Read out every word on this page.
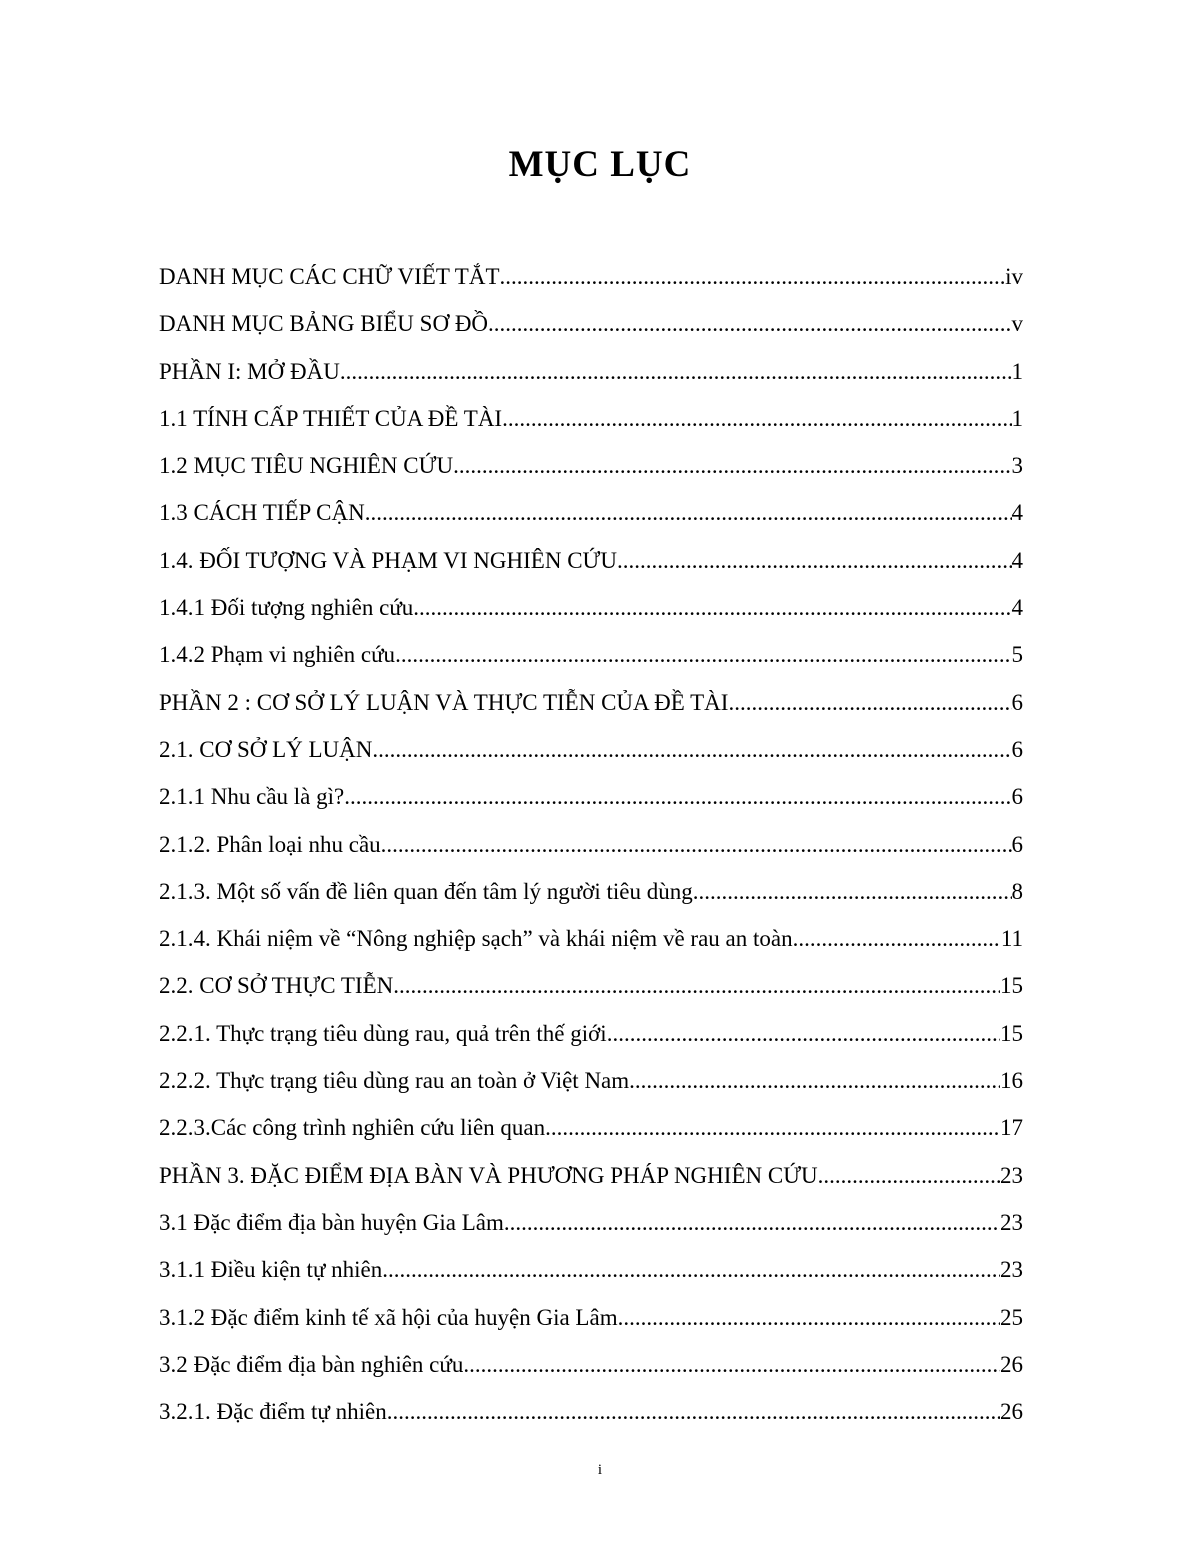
MỤC LỤC
DANH MỤC CÁC CHỮ VIẾT TẮT .....	iv
DANH MỤC BẢNG BIỂU SƠ ĐỒ .....	v
PHẦN I: MỞ ĐẦU .....	1
1.1 TÍNH CẤP THIẾT CỦA ĐỀ TÀI .....	1
1.2 MỤC TIÊU NGHIÊN CỨU .....	3
1.3 CÁCH TIẾP CẬN .....	4
1.4. ĐỐI TƯỢNG VÀ PHẠM VI NGHIÊN CỨU .....	4
1.4.1 Đối tượng nghiên cứu .....	4
1.4.2 Phạm vi nghiên cứu .....	5
PHẦN 2 : CƠ SỞ LÝ LUẬN VÀ THỰC TIỄN CỦA ĐỀ TÀI .....	6
2.1. CƠ SỞ LÝ LUẬN .....	6
2.1.1 Nhu cầu là gì? .....	6
2.1.2. Phân loại nhu cầu .....	6
2.1.3. Một số vấn đề liên quan đến tâm lý người tiêu dùng .....	8
2.1.4. Khái niệm về “Nông nghiệp sạch” và khái niệm về rau an toàn .....	11
2.2. CƠ SỞ THỰC TIỄN .....	15
2.2.1. Thực trạng tiêu dùng rau, quả trên thế giới .....	15
2.2.2. Thực trạng tiêu dùng rau an toàn ở Việt Nam .....	16
2.2.3.Các công trình nghiên cứu liên quan .....	17
PHẦN 3. ĐẶC ĐIỂM ĐỊA BÀN VÀ PHƯƠNG PHÁP NGHIÊN CỨU .....	23
3.1 Đặc điểm địa bàn huyện Gia Lâm .....	23
3.1.1 Điều kiện tự nhiên .....	23
3.1.2 Đặc điểm kinh tế xã hội của huyện Gia Lâm .....	25
3.2 Đặc điểm địa bàn nghiên cứu .....	26
3.2.1. Đặc điểm tự nhiên .....	26
i
